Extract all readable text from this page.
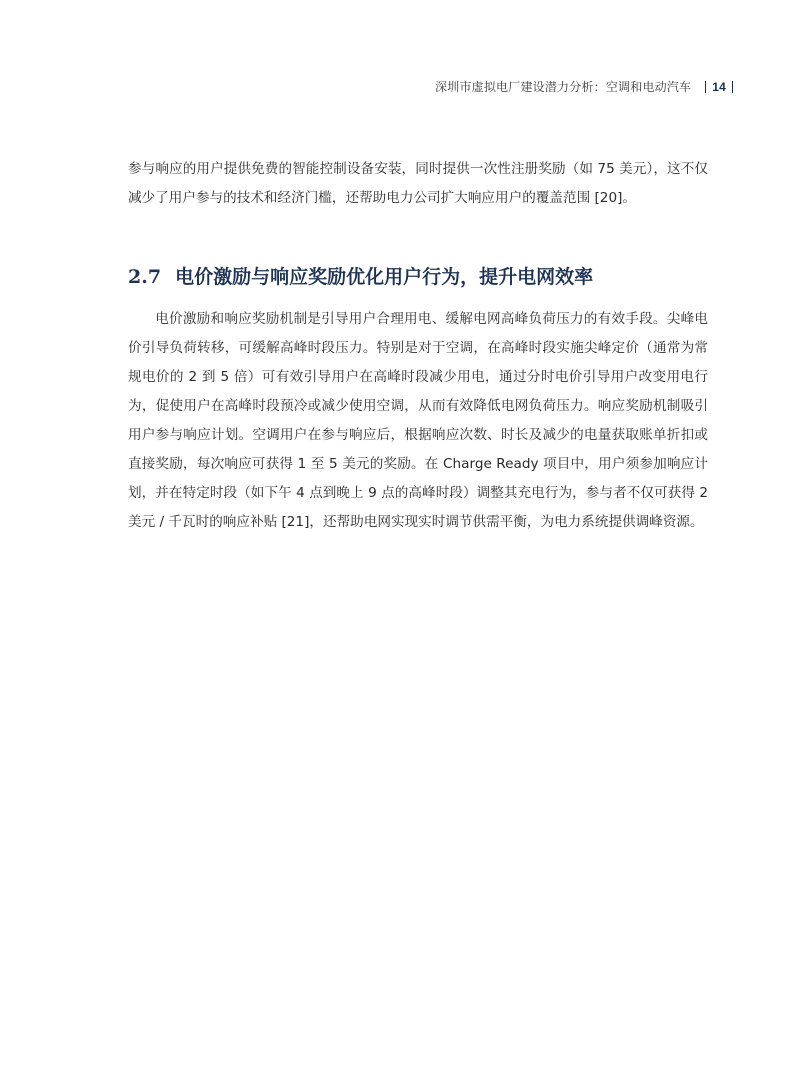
深圳市虚拟电厂建设潜力分析：空调和电动汽车	14

参与响应的用户提供免费的智能控制设备安装，同时提供一次性注册奖励（如 75 美元），这不仅减少了用户参与的技术和经济门槛，还帮助电力公司扩大响应用户的覆盖范围 [20]。

2.7 电价激励与响应奖励优化用户行为，提升电网效率

电价激励和响应奖励机制是引导用户合理用电、缓解电网高峰负荷压力的有效手段。尖峰电价引导负荷转移，可缓解高峰时段压力。特别是对于空调，在高峰时段实施尖峰定价（通常为常规电价的 2 到 5 倍）可有效引导用户在高峰时段减少用电，通过分时电价引导用户改变用电行为，促使用户在高峰时段预冷或减少使用空调，从而有效降低电网负荷压力。响应奖励机制吸引用户参与响应计划。空调用户在参与响应后，根据响应次数、时长及减少的电量获取账单折扣或直接奖励，每次响应可获得 1 至 5 美元的奖励。在 Charge Ready 项目中，用户须参加响应计划，并在特定时段（如下午 4 点到晚上 9 点的高峰时段）调整其充电行为，参与者不仅可获得 2 美元 / 千瓦时的响应补贴 [21]，还帮助电网实现实时调节供需平衡，为电力系统提供调峰资源。
